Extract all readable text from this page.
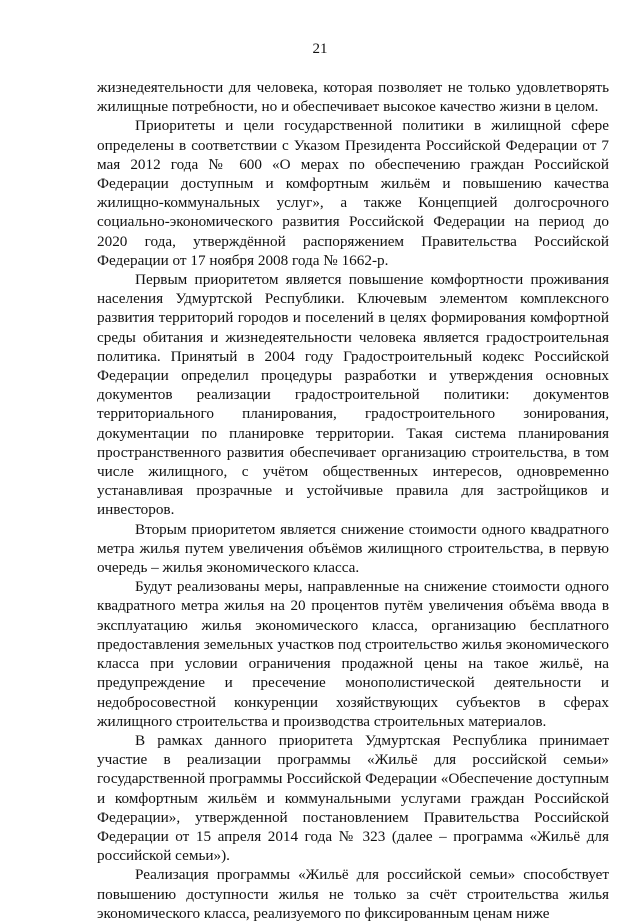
21

жизнедеятельности для человека, которая позволяет не только удовлетворять жилищные потребности, но и обеспечивает высокое качество жизни в целом.

Приоритеты и цели государственной политики в жилищной сфере определены в соответствии с Указом Президента Российской Федерации от 7 мая 2012 года № 600 «О мерах по обеспечению граждан Российской Федерации доступным и комфортным жильём и повышению качества жилищно-коммунальных услуг», а также Концепцией долгосрочного социально-экономического развития Российской Федерации на период до 2020 года, утверждённой распоряжением Правительства Российской Федерации от 17 ноября 2008 года № 1662-р.

Первым приоритетом является повышение комфортности проживания населения Удмуртской Республики. Ключевым элементом комплексного развития территорий городов и поселений в целях формирования комфортной среды обитания и жизнедеятельности человека является градостроительная политика. Принятый в 2004 году Градостроительный кодекс Российской Федерации определил процедуры разработки и утверждения основных документов реализации градостроительной политики: документов территориального планирования, градостроительного зонирования, документации по планировке территории. Такая система планирования пространственного развития обеспечивает организацию строительства, в том числе жилищного, с учётом общественных интересов, одновременно устанавливая прозрачные и устойчивые правила для застройщиков и инвесторов.

Вторым приоритетом является снижение стоимости одного квадратного метра жилья путем увеличения объёмов жилищного строительства, в первую очередь – жилья экономического класса.

Будут реализованы меры, направленные на снижение стоимости одного квадратного метра жилья на 20 процентов путём увеличения объёма ввода в эксплуатацию жилья экономического класса, организацию бесплатного предоставления земельных участков под строительство жилья экономического класса при условии ограничения продажной цены на такое жильё, на предупреждение и пресечение монополистической деятельности и недобросовестной конкуренции хозяйствующих субъектов в сферах жилищного строительства и производства строительных материалов.

В рамках данного приоритета Удмуртская Республика принимает участие в реализации программы «Жильё для российской семьи» государственной программы Российской Федерации «Обеспечение доступным и комфортным жильём и коммунальными услугами граждан Российской Федерации», утвержденной постановлением Правительства Российской Федерации от 15 апреля 2014 года № 323 (далее – программа «Жильё для российской семьи»).

Реализация программы «Жильё для российской семьи» способствует повышению доступности жилья не только за счёт строительства жилья экономического класса, реализуемого по фиксированным ценам ниже
